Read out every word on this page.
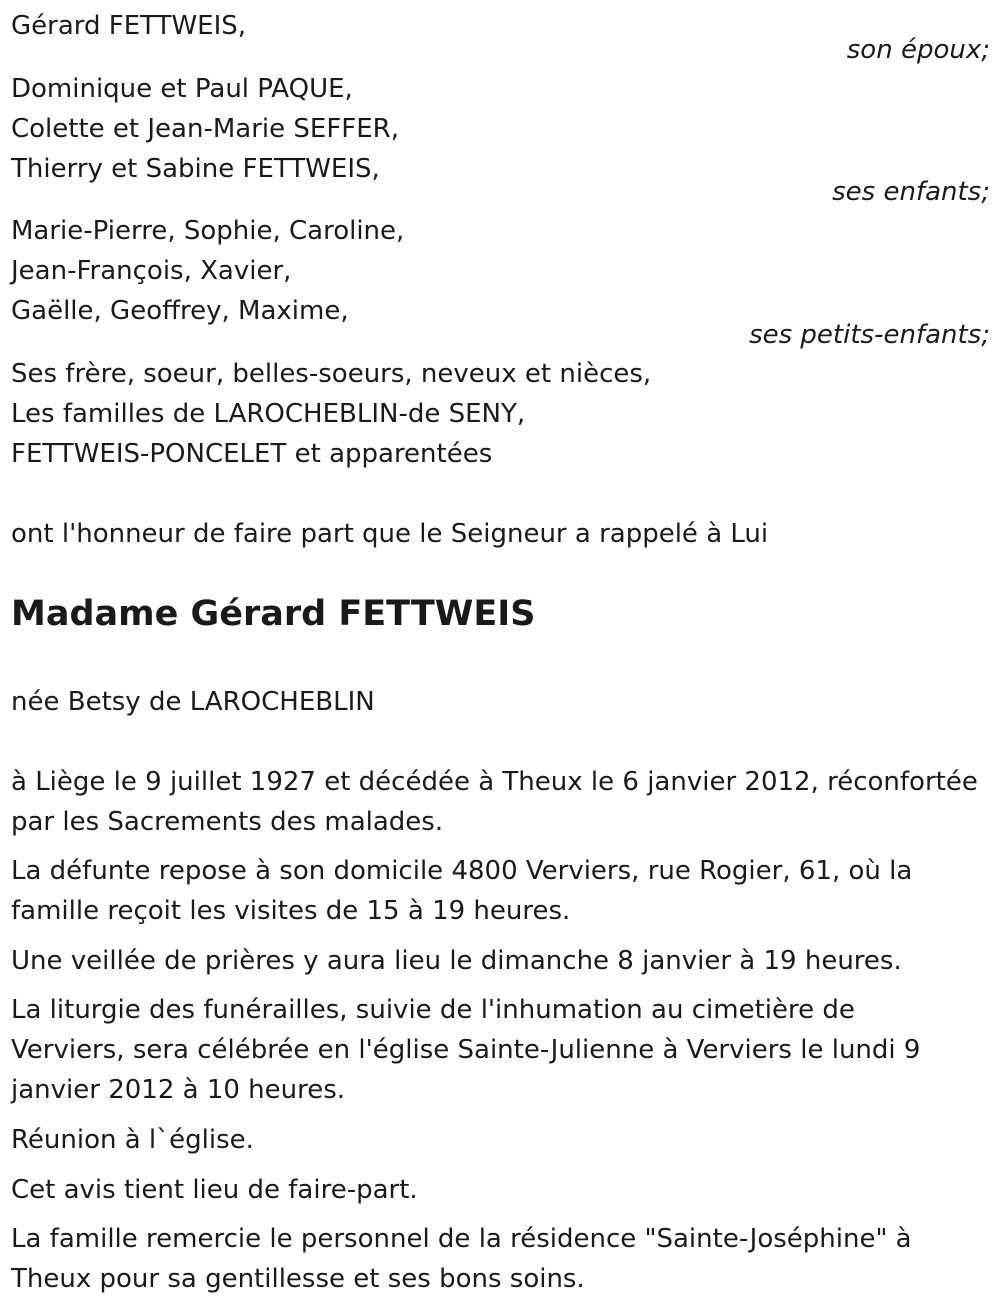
Gérard FETTWEIS,
son époux;
Dominique et Paul PAQUE,
Colette et Jean-Marie SEFFER,
Thierry et Sabine FETTWEIS,
ses enfants;
Marie-Pierre, Sophie, Caroline,
Jean-François, Xavier,
Gaëlle, Geoffrey, Maxime,
ses petits-enfants;
Ses frère, soeur, belles-soeurs, neveux et nièces,
Les familles de LAROCHEBLIN-de SENY,
FETTWEIS-PONCELET et apparentées
ont l'honneur de faire part que le Seigneur a rappelé à Lui
Madame Gérard FETTWEIS
née Betsy de LAROCHEBLIN
à Liège le 9 juillet 1927 et décédée à Theux le 6 janvier 2012, réconfortée
par les Sacrements des malades.
La défunte repose à son domicile 4800 Verviers, rue Rogier, 61, où la
famille reçoit les visites de 15 à 19 heures.
Une veillée de prières y aura lieu le dimanche 8 janvier à 19 heures.
La liturgie des funérailles, suivie de l'inhumation au cimetière de
Verviers, sera célébrée en l'église Sainte-Julienne à Verviers le lundi 9
janvier 2012 à 10 heures.
Réunion à l`église.
Cet avis tient lieu de faire-part.
La famille remercie le personnel de la résidence "Sainte-Joséphine" à
Theux pour sa gentillesse et ses bons soins.
